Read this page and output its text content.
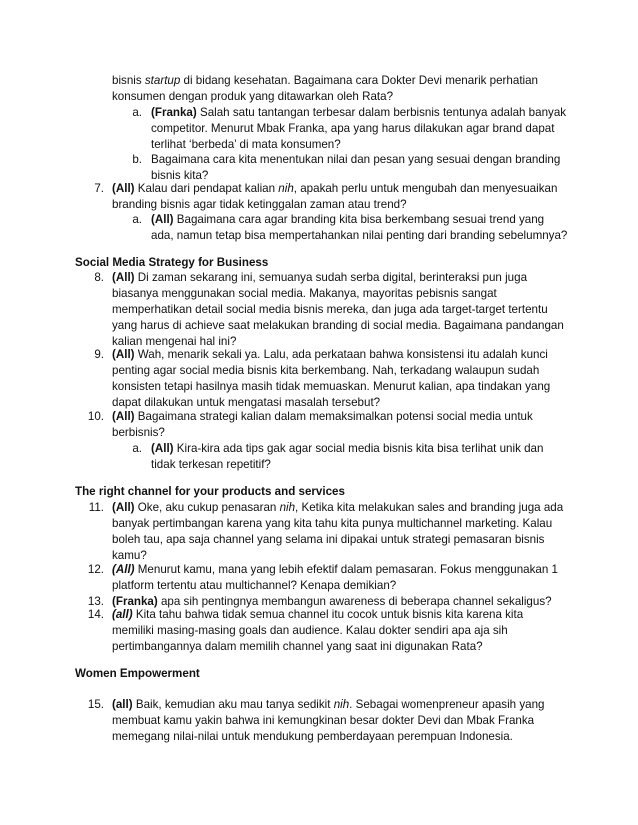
bisnis startup di bidang kesehatan. Bagaimana cara Dokter Devi menarik perhatian
konsumen dengan produk yang ditawarkan oleh Rata?
a. (Franka) Salah satu tantangan terbesar dalam berbisnis tentunya adalah banyak
competitor. Menurut Mbak Franka, apa yang harus dilakukan agar brand dapat
terlihat ‘berbeda’ di mata konsumen?
b. Bagaimana cara kita menentukan nilai dan pesan yang sesuai dengan branding
bisnis kita?
7. (All) Kalau dari pendapat kalian nih, apakah perlu untuk mengubah dan menyesuaikan
branding bisnis agar tidak ketinggalan zaman atau trend?
a. (All) Bagaimana cara agar branding kita bisa berkembang sesuai trend yang
ada, namun tetap bisa mempertahankan nilai penting dari branding sebelumnya?
Social Media Strategy for Business
8. (All) Di zaman sekarang ini, semuanya sudah serba digital, berinteraksi pun juga
biasanya menggunakan social media. Makanya, mayoritas pebisnis sangat
memperhatikan detail social media bisnis mereka, dan juga ada target-target tertentu
yang harus di achieve saat melakukan branding di social media. Bagaimana pandangan
kalian mengenai hal ini?
9. (All) Wah, menarik sekali ya. Lalu, ada perkataan bahwa konsistensi itu adalah kunci
penting agar social media bisnis kita berkembang. Nah, terkadang walaupun sudah
konsisten tetapi hasilnya masih tidak memuaskan. Menurut kalian, apa tindakan yang
dapat dilakukan untuk mengatasi masalah tersebut?
10. (All) Bagaimana strategi kalian dalam memaksimalkan potensi social media untuk
berbisnis?
a. (All) Kira-kira ada tips gak agar social media bisnis kita bisa terlihat unik dan
tidak terkesan repetitif?
The right channel for your products and services
11. (All) Oke, aku cukup penasaran nih, Ketika kita melakukan sales and branding juga ada
banyak pertimbangan karena yang kita tahu kita punya multichannel marketing. Kalau
boleh tau, apa saja channel yang selama ini dipakai untuk strategi pemasaran bisnis
kamu?
12. (All) Menurut kamu, mana yang lebih efektif dalam pemasaran. Fokus menggunakan 1
platform tertentu atau multichannel? Kenapa demikian?
13. (Franka) apa sih pentingnya membangun awareness di beberapa channel sekaligus?
14. (all) Kita tahu bahwa tidak semua channel itu cocok untuk bisnis kita karena kita
memiliki masing-masing goals dan audience. Kalau dokter sendiri apa aja sih
pertimbangannya dalam memilih channel yang saat ini digunakan Rata?
Women Empowerment
15. (all) Baik, kemudian aku mau tanya sedikit nih. Sebagai womenpreneur apasih yang
membuat kamu yakin bahwa ini kemungkinan besar dokter Devi dan Mbak Franka
memegang nilai-nilai untuk mendukung pemberdayaan perempuan Indonesia.
